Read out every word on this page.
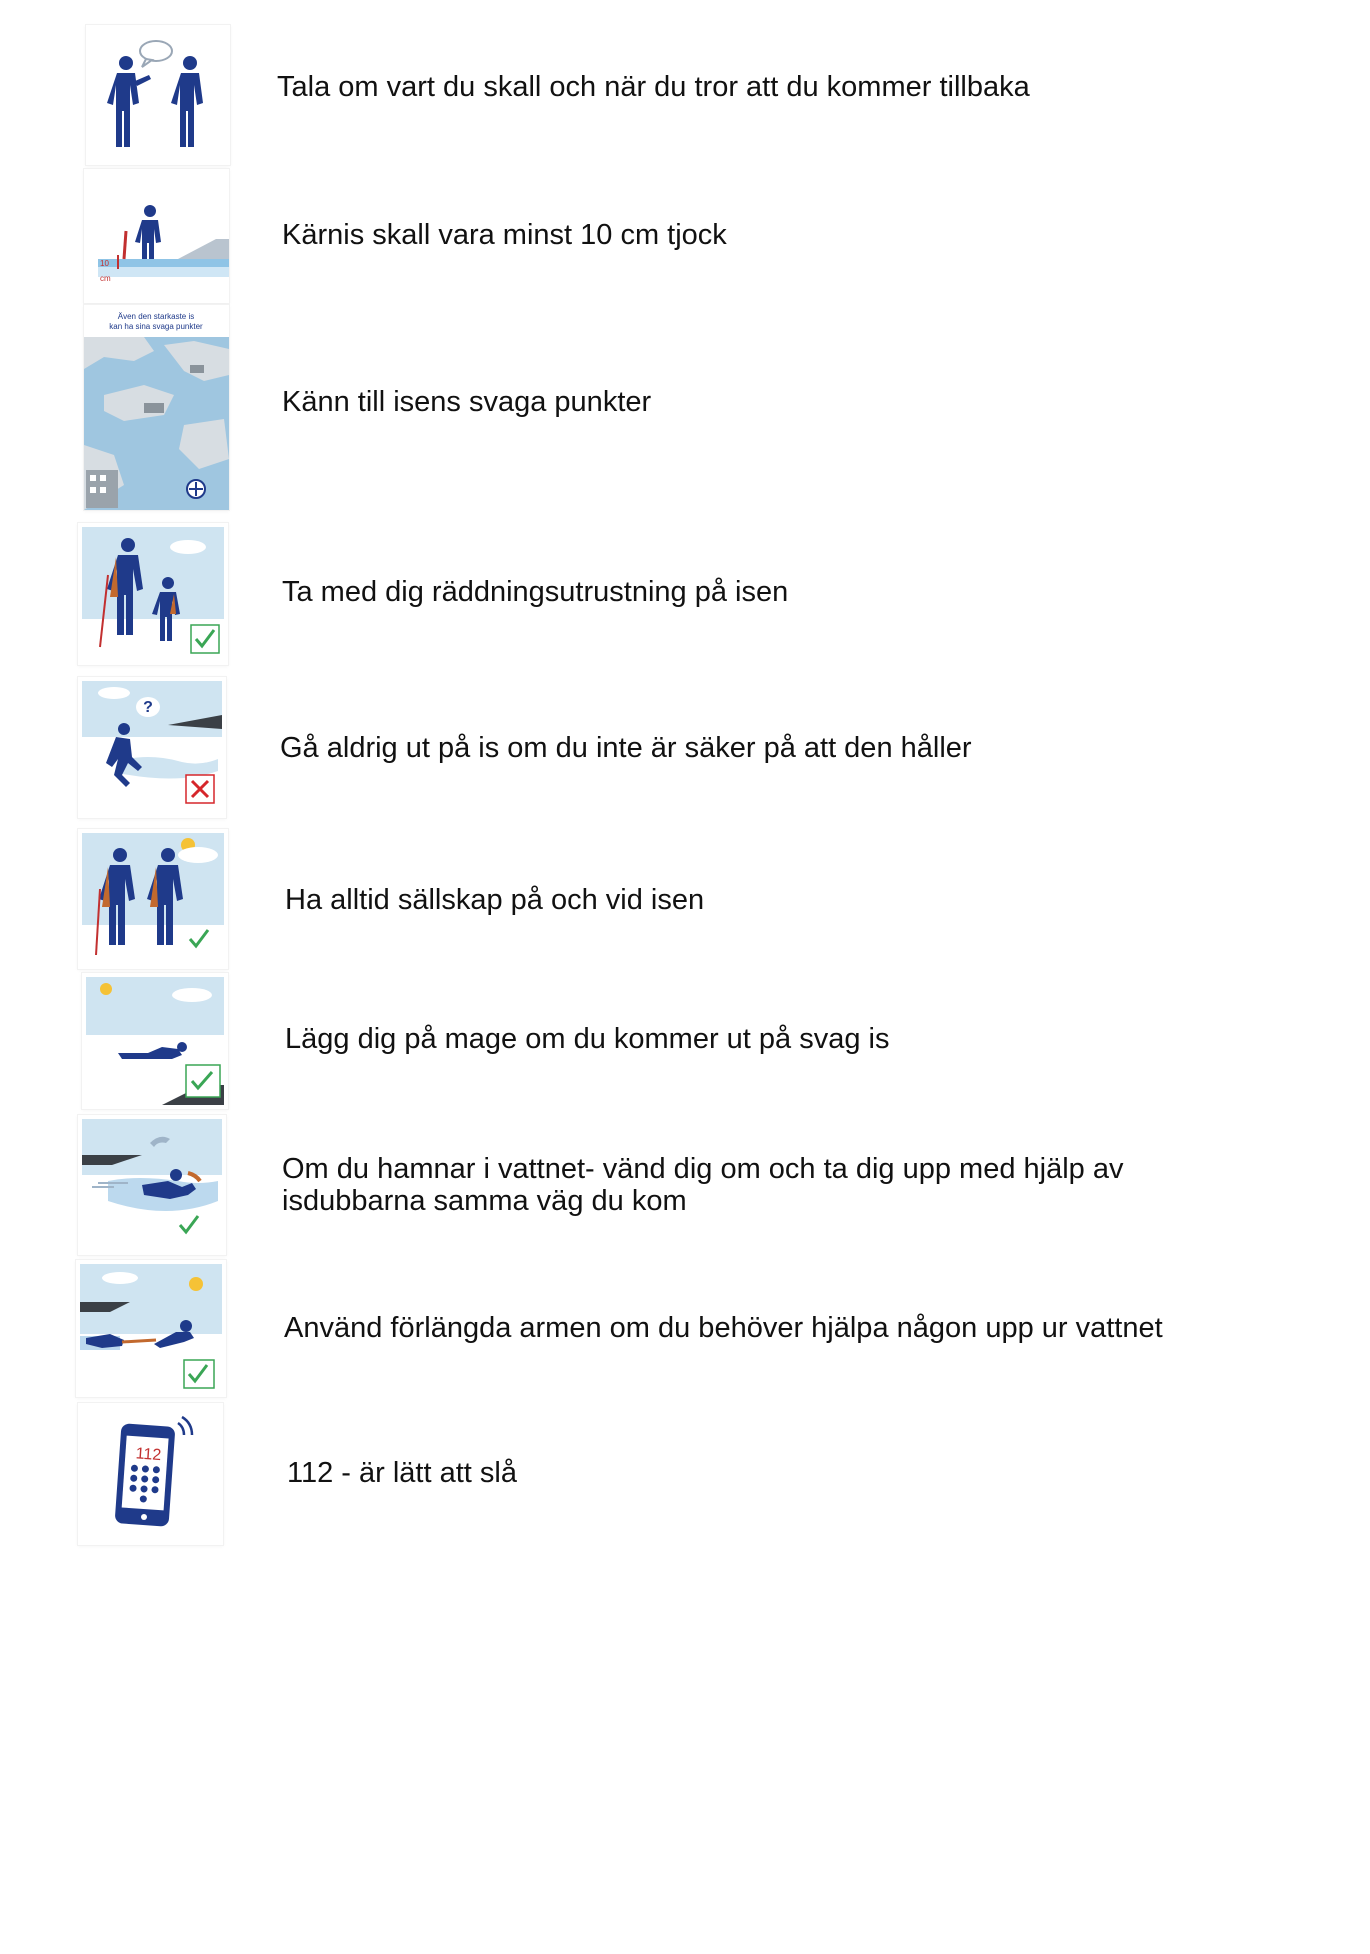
Tala om vart du skall och när du tror att du kommer tillbaka
10
cm
Kärnis skall vara minst 10 cm tjock
Även den starkaste is
kan ha sina svaga punkter
Känn till isens svaga punkter
Ta med dig räddningsutrustning på isen
?
Gå aldrig ut på is om du inte är säker på att den håller
Ha alltid sällskap på och vid isen
Lägg dig på mage om du kommer ut på svag is
Om du hamnar i vattnet- vänd dig om och ta dig upp med hjälp av
isdubbarna samma väg du kom
Använd förlängda armen om du behöver hjälpa någon upp ur vattnet
112
112 - är lätt att slå
